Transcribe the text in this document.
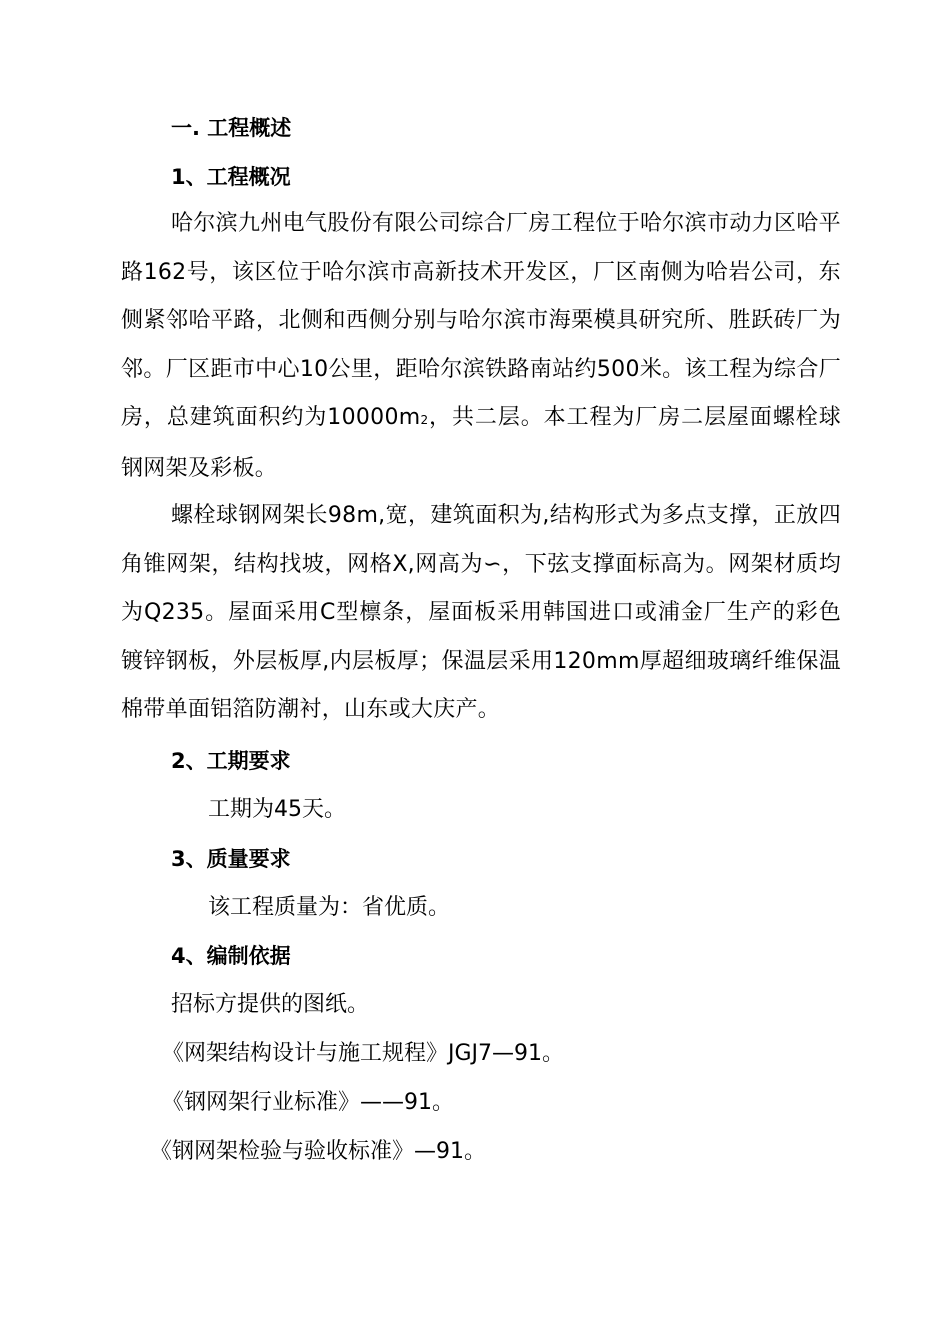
一. 工程概述
1、工程概况

哈尔滨九州电气股份有限公司综合厂房工程位于哈尔滨市动力区哈平路162号，该区位于哈尔滨市高新技术开发区，厂区南侧为哈岩公司，东侧紧邻哈平路，北侧和西侧分别与哈尔滨市海栗模具研究所、胜跃砖厂为邻。厂区距市中心10公里，距哈尔滨铁路南站约500米。该工程为综合厂房，总建筑面积约为10000m2，共二层。本工程为厂房二层屋面螺栓球钢网架及彩板。

螺栓球钢网架长98m,宽，建筑面积为,结构形式为多点支撑，正放四角锥网架，结构找坡，网格X,网高为∽，下弦支撑面标高为。网架材质均为Q235。屋面采用C型檩条，屋面板采用韩国进口或浦金厂生产的彩色镀锌钢板，外层板厚,内层板厚；保温层采用120mm厚超细玻璃纤维保温棉带单面铝箔防潮衬，山东或大庆产。

2、工期要求
工期为45天。
3、质量要求
该工程质量为：省优质。
4、编制依据
招标方提供的图纸。
《网架结构设计与施工规程》JGJ7—91。
《钢网架行业标准》——91。
《钢网架检验与验收标准》—91。
